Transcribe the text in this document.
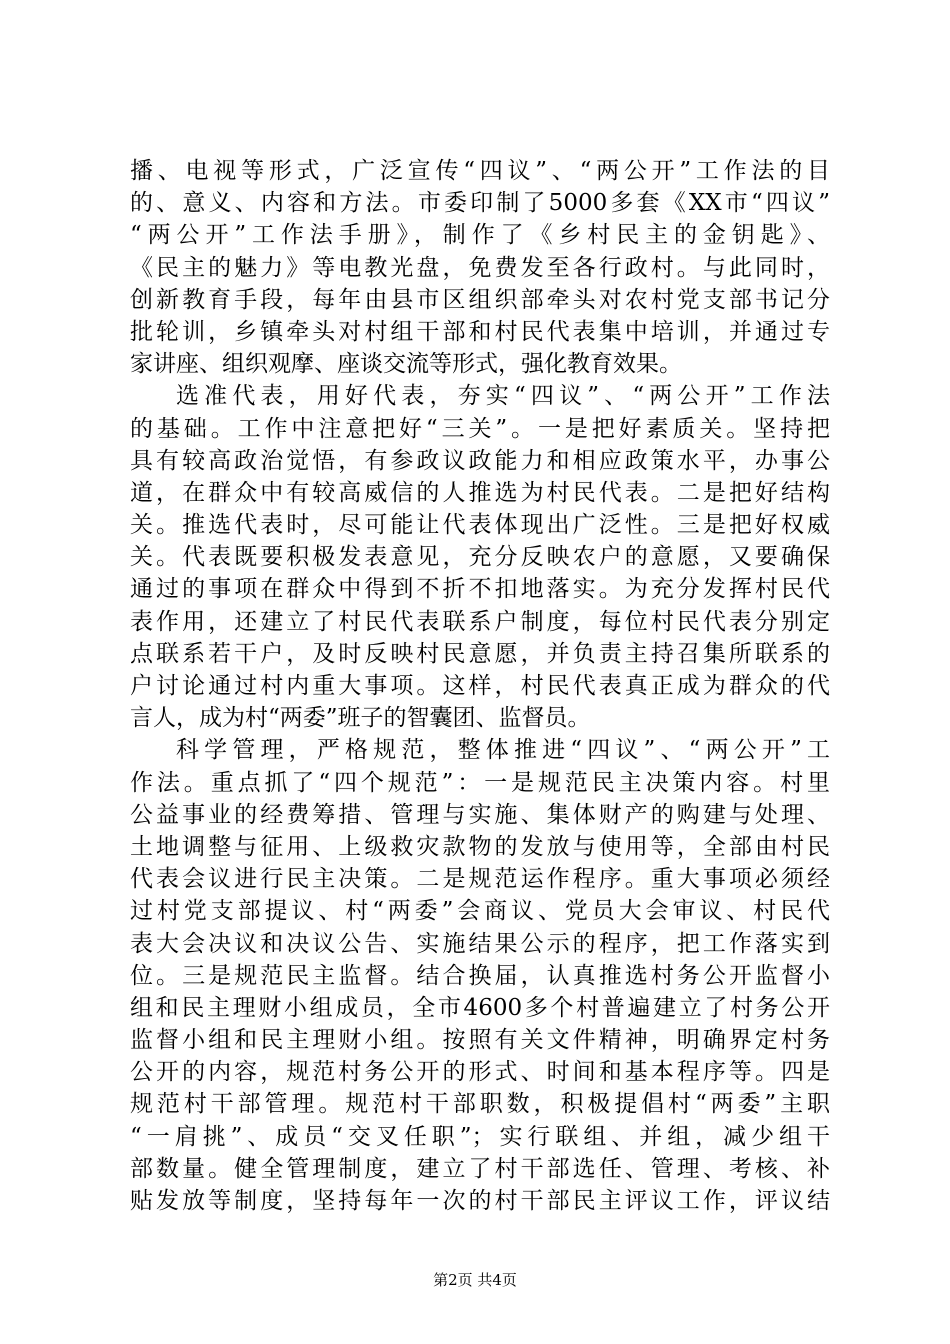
播、电视等形式，广泛宣传“四议”、“两公开”工作法的目
的、意义、内容和方法。市委印制了5000多套《XX市“四议”
“两公开”工作法手册》，制作了《乡村民主的金钥匙》、
《民主的魅力》等电教光盘，免费发至各行政村。与此同时，
创新教育手段，每年由县市区组织部牵头对农村党支部书记分
批轮训，乡镇牵头对村组干部和村民代表集中培训，并通过专
家讲座、组织观摩、座谈交流等形式，强化教育效果。
选准代表，用好代表，夯实“四议”、“两公开”工作法
的基础。工作中注意把好“三关”。一是把好素质关。坚持把
具有较高政治觉悟，有参政议政能力和相应政策水平，办事公
道，在群众中有较高威信的人推选为村民代表。二是把好结构
关。推选代表时，尽可能让代表体现出广泛性。三是把好权威
关。代表既要积极发表意见，充分反映农户的意愿，又要确保
通过的事项在群众中得到不折不扣地落实。为充分发挥村民代
表作用，还建立了村民代表联系户制度，每位村民代表分别定
点联系若干户，及时反映村民意愿，并负责主持召集所联系的
户讨论通过村内重大事项。这样，村民代表真正成为群众的代
言人，成为村“两委”班子的智囊团、监督员。
科学管理，严格规范，整体推进“四议”、“两公开”工
作法。重点抓了“四个规范”：一是规范民主决策内容。村里
公益事业的经费筹措、管理与实施、集体财产的购建与处理、
土地调整与征用、上级救灾款物的发放与使用等，全部由村民
代表会议进行民主决策。二是规范运作程序。重大事项必须经
过村党支部提议、村“两委”会商议、党员大会审议、村民代
表大会决议和决议公告、实施结果公示的程序，把工作落实到
位。三是规范民主监督。结合换届，认真推选村务公开监督小
组和民主理财小组成员，全市4600多个村普遍建立了村务公开
监督小组和民主理财小组。按照有关文件精神，明确界定村务
公开的内容，规范村务公开的形式、时间和基本程序等。四是
规范村干部管理。规范村干部职数，积极提倡村“两委”主职
“一肩挑”、成员“交叉任职”；实行联组、并组，减少组干
部数量。健全管理制度，建立了村干部选任、管理、考核、补
贴发放等制度，坚持每年一次的村干部民主评议工作，评议结
第2页 共4页
